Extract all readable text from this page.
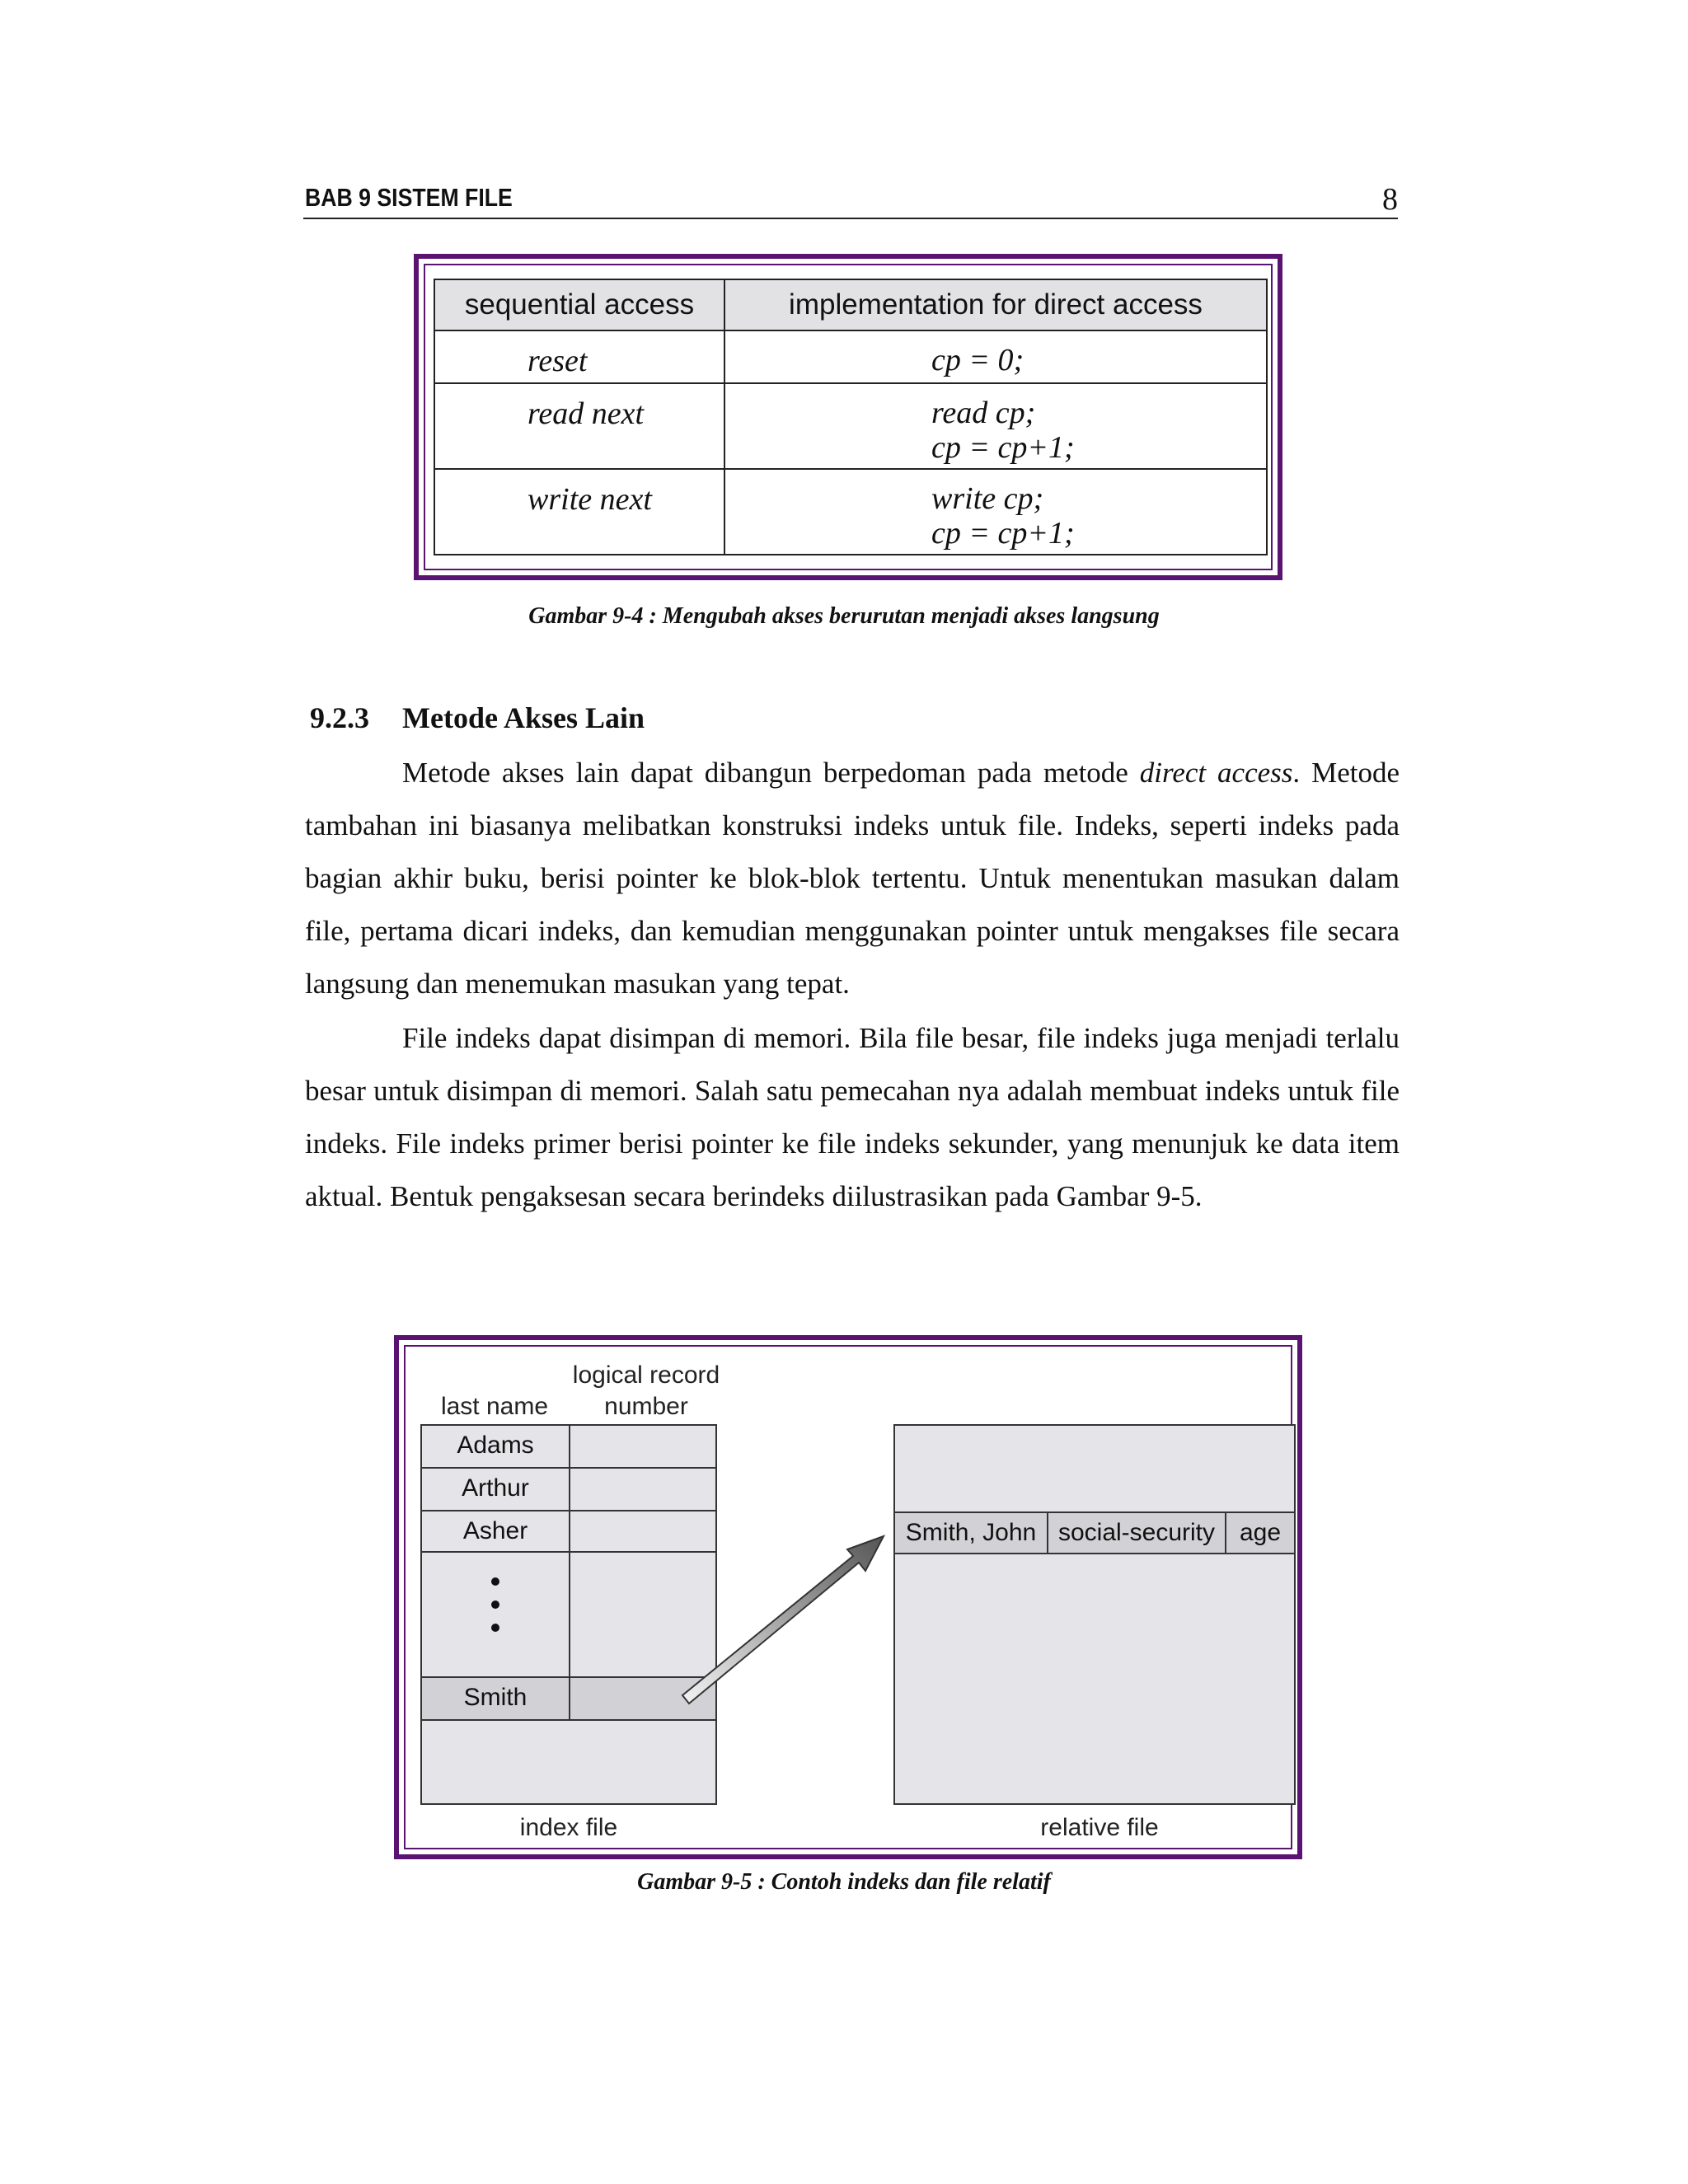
BAB 9 SISTEM FILE	8
sequential access	implementation for direct access
reset	cp = 0;

read next	read cp;
cp = cp+1;

write next	write cp;
cp = cp+1;
Gambar 9-4 : Mengubah akses berurutan menjadi akses langsung
9.2.3 Metode Akses Lain
Metode akses lain dapat dibangun berpedoman pada metode direct access. Metode tambahan ini biasanya melibatkan konstruksi indeks untuk file. Indeks, seperti indeks pada bagian akhir buku, berisi pointer ke blok-blok tertentu. Untuk menentukan masukan dalam file, pertama dicari indeks, dan kemudian menggunakan pointer untuk mengakses file secara langsung dan menemukan masukan yang tepat.
File indeks dapat disimpan di memori. Bila file besar, file indeks juga menjadi terlalu besar untuk disimpan di memori. Salah satu pemecahan nya adalah membuat indeks untuk file indeks. File indeks primer berisi pointer ke file indeks sekunder, yang menunjuk ke data item aktual. Bentuk pengaksesan secara berindeks diilustrasikan pada Gambar 9-5.
logical record
number
last name
Adams
Arthur
Asher
Smith
Smith, John social-security age
index file	relative file
Gambar 9-5 : Contoh indeks dan file relatif
